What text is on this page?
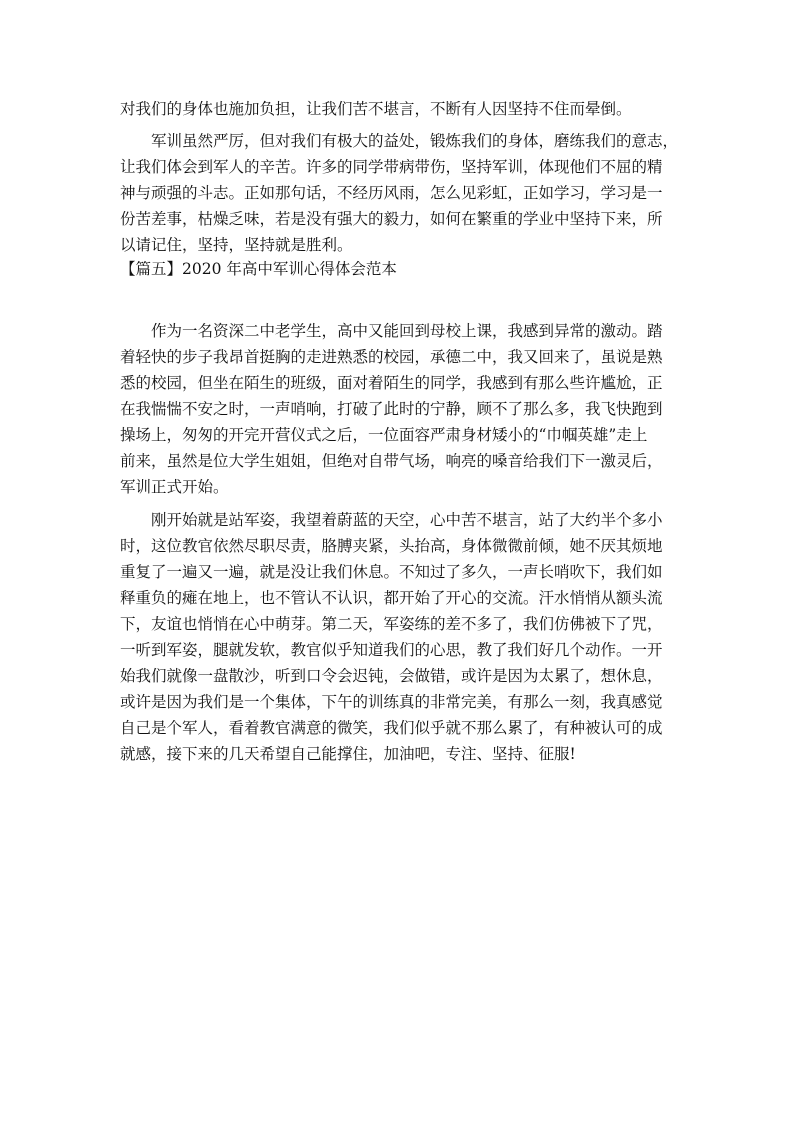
对我们的身体也施加负担，让我们苦不堪言，不断有人因坚持不住而晕倒。
军训虽然严厉，但对我们有极大的益处，锻炼我们的身体，磨练我们的意志，
让我们体会到军人的辛苦。许多的同学带病带伤，坚持军训，体现他们不屈的精
神与顽强的斗志。正如那句话，不经历风雨，怎么见彩虹，正如学习，学习是一
份苦差事，枯燥乏味，若是没有强大的毅力，如何在繁重的学业中坚持下来，所
以请记住，坚持，坚持就是胜利。
【篇五】2020 年高中军训心得体会范本
作为一名资深二中老学生，高中又能回到母校上课，我感到异常的激动。踏
着轻快的步子我昂首挺胸的走进熟悉的校园，承德二中，我又回来了，虽说是熟
悉的校园，但坐在陌生的班级，面对着陌生的同学，我感到有那么些许尴尬，正
在我惴惴不安之时，一声哨响，打破了此时的宁静，顾不了那么多，我飞快跑到
操场上，匆匆的开完开营仪式之后，一位面容严肃身材矮小的“巾帼英雄”走上
前来，虽然是位大学生姐姐，但绝对自带气场，响亮的嗓音给我们下一激灵后，
军训正式开始。
刚开始就是站军姿，我望着蔚蓝的天空，心中苦不堪言，站了大约半个多小
时，这位教官依然尽职尽责，胳膊夹紧，头抬高，身体微微前倾，她不厌其烦地
重复了一遍又一遍，就是没让我们休息。不知过了多久，一声长哨吹下，我们如
释重负的瘫在地上，也不管认不认识，都开始了开心的交流。汗水悄悄从额头流
下，友谊也悄悄在心中萌芽。第二天，军姿练的差不多了，我们仿佛被下了咒，
一听到军姿，腿就发软，教官似乎知道我们的心思，教了我们好几个动作。一开
始我们就像一盘散沙，听到口令会迟钝，会做错，或许是因为太累了，想休息，
或许是因为我们是一个集体，下午的训练真的非常完美，有那么一刻，我真感觉
自己是个军人，看着教官满意的微笑，我们似乎就不那么累了，有种被认可的成
就感，接下来的几天希望自己能撑住，加油吧，专注、坚持、征服!
